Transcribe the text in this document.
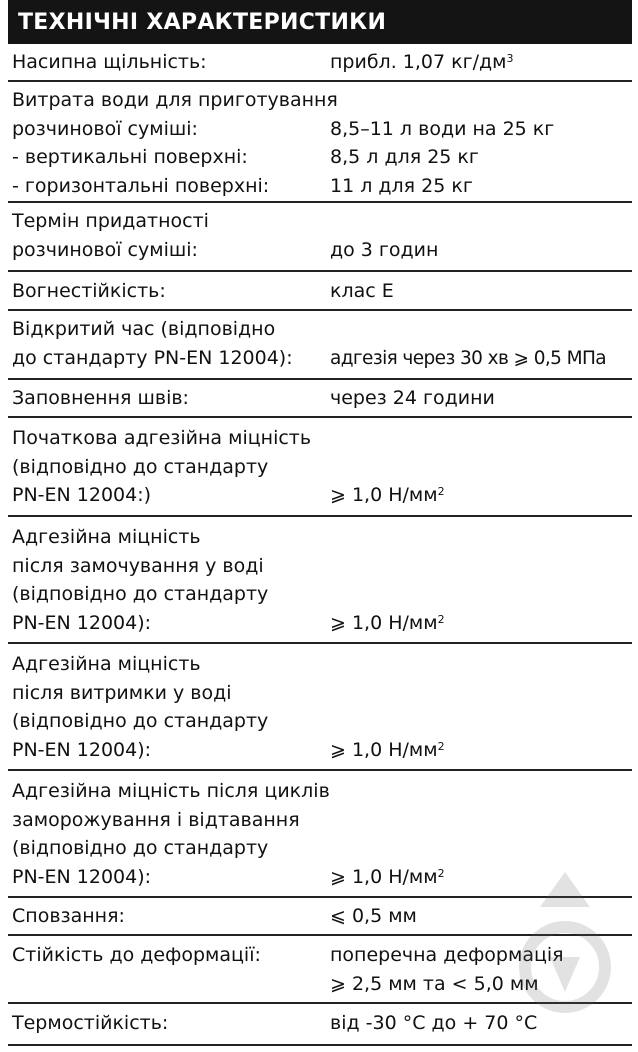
ТЕХНІЧНІ ХАРАКТЕРИСТИКИ
Насипна щільність:	прибл. 1,07 $кг/дм^3$
Витрата води для приготування
розчинової суміші:	8,5–11 л води на 25 кг
- вертикальні поверхні:	8,5 л для 25 кг
- горизонтальні поверхні:	11 л для 25 кг
Термін придатності
розчинової суміші:	до 3 годин
Вогнестійкість:	клас E
Відкритий час (відповідно
до стандарту PN-EN 12004): адгезія через 30 хв ⩾ 0,5 МПа
Заповнення швів:	через 24 години
Початкова адгезійна міцність
(відповідно до стандарту
PN-EN 12004:)	⩾ 1,0 $Н/мм^2$
Адгезійна міцність
після замочування у воді
(відповідно до стандарту
PN-EN 12004):	⩾ 1,0 $Н/мм^2$
Адгезійна міцність
після витримки у воді
(відповідно до стандарту
PN-EN 12004):	⩾ 1,0 $Н/мм^2$
Адгезійна міцність після циклів
заморожування і відтавання
(відповідно до стандарту
PN-EN 12004):	⩾ 1,0 $Н/мм^2$
Сповзання:	⩽ 0,5 мм
Стійкість до деформації:	поперечна деформація
⩾ 2,5 мм та < 5,0 мм
Термостійкість:	від -30 °C до + 70 °C
